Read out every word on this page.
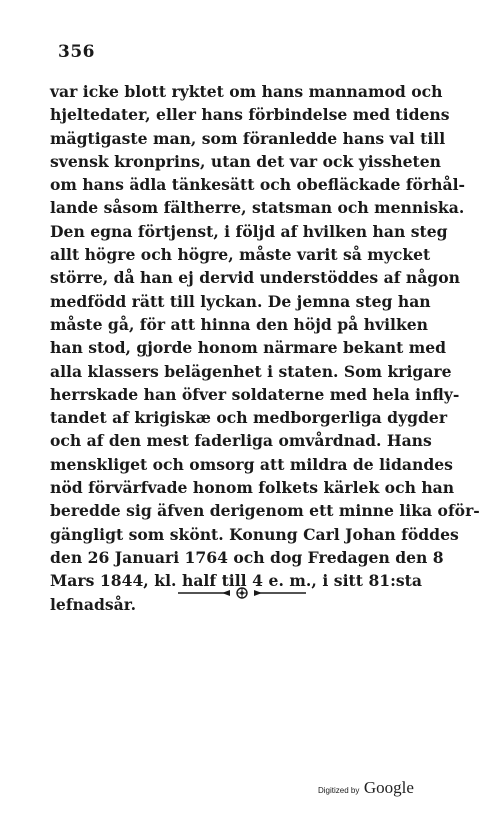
356
var icke blott ryktet om hans mannamod och
hjeltedater, eller hans förbindelse med tidens
mägtigaste man, som föranledde hans val till
svensk kronprins, utan det var ock yissheten
om hans ädla tänkesätt och obefläckade förhål-
lande såsom fältherre, statsman och menniska.
Den egna förtjenst, i följd af hvilken han steg
allt högre och högre, måste varit så mycket
större, då han ej dervid understöddes af någon
medfödd rätt till lyckan. De jemna steg han
måste gå, för att hinna den höjd på hvilken
han stod, gjorde honom närmare bekant med
alla klassers belägenhet i staten. Som krigare
herrskade han öfver soldaterne med hela infly-
tandet af krigiskæ och medborgerliga dygder
och af den mest faderliga omvårdnad. Hans
menskliget och omsorg att mildra de lidandes
nöd förvärfvade honom folkets kärlek och han
beredde sig äfven derigenom ett minne lika oför-
gängligt som skönt. Konung Carl Johan föddes
den 26 Januari 1764 och dog Fredagen den 8
Mars 1844, kl. half till 4 e. m., i sitt 81:sta
lefnadsår.
Digitized by Google
